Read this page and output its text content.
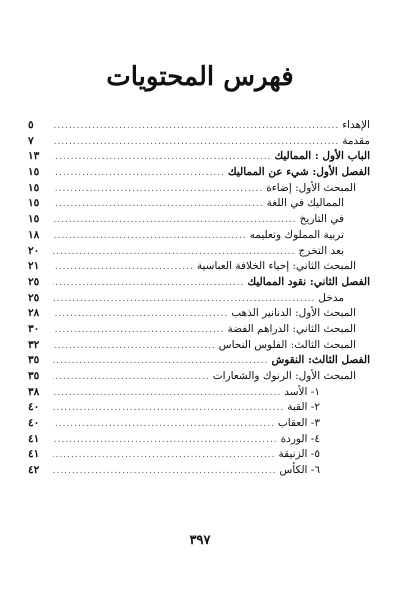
فهرس المحتويات
الإهداء
.....
٥
مقدمة
.....
٧
الباب الأول : المماليك
.....
١٣
الفصل الأول: شيء عن المماليك
.....
١٥
المبحث الأول: إضاءة
.....
١٥
المماليك في اللغة
.....
١٥
في التاريخ
.....
١٥
تربية المملوك وتعليمه
.....
١٨
بعد التخرج
.....
٢٠
المبحث الثاني: إحياء الخلافة العباسية
.....
٢١
الفصل الثاني: نقود المماليك
.....
٢٥
مدخل
.....
٢٥
المبحث الأول: الدنانير الذهب
.....
٢٨
المبحث الثاني: الدراهم الفضة
.....
٣٠
المبحث الثالث: الفلوس النحاس
.....
٣٢
الفصل الثالث: النقوش
.....
٣٥
المبحث الأول: الرنوك والشعارات
.....
٣٥
١- الأسد
.....
٣٨
٢- القبة
.....
٤٠
٣- العقاب
.....
٤٠
٤- الوردة
.....
٤١
٥- الزنيقة
.....
٤١
٦- الكأس
.....
٤٢
٣٩٧
